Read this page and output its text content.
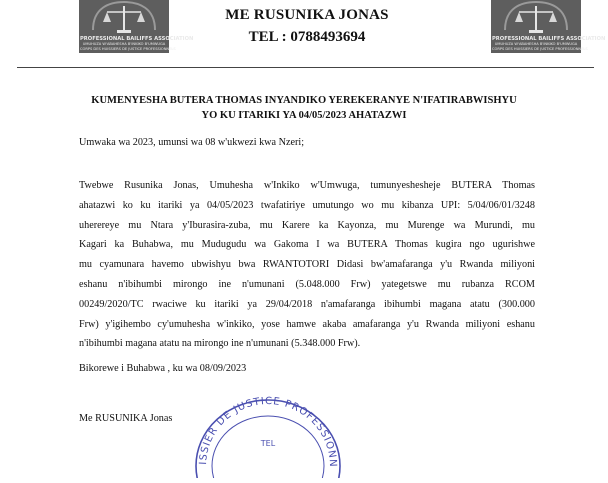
PROFESSIONAL BAILIFFS ASSOCIATION
UMUHUZA W'ABAHESHA B'INKIKO B'UMWUGA
CORPS DES HUISSIERS DE JUSTICE PROFESSIONNELS
ME RUSUNIKA JONAS
TEL : 0788493694	PROFESSIONAL BAILIFFS ASSOCIATION
UMUHUZA W'ABAHESHA B'INKIKO B'UMWUGA
CORPS DES HUISSIERS DE JUSTICE PROFESSIONNELS
KUMENYESHA BUTERA THOMAS INYANDIKO YEREKERANYE N'IFATIRABWISHYU
YO KU ITARIKI YA 04/05/2023 AHATAZWI
Umwaka wa 2023, umunsi wa 08 w'ukwezi kwa Nzeri;
Twebwe Rusunika Jonas, Umuhesha w'Inkiko w'Umwuga, tumunyeshesheje BUTERA Thomas
ahatazwi ko ku itariki ya 04/05/2023 twafatiriye umutungo wo mu kibanza UPI: 5/04/06/01/3248
uherereye mu Ntara y'Iburasira-zuba, mu Karere ka Kayonza, mu Murenge wa Murundi, mu
Kagari ka Buhabwa, mu Mudugudu wa Gakoma I wa BUTERA Thomas kugira ngo ugurishwe
mu cyamunara havemo ubwishyu bwa RWANTOTORI Didasi bw'amafaranga y'u Rwanda miliyoni
eshanu n'ibihumbi mirongo ine n'umunani (5.048.000 Frw) yategetswe mu rubanza RCOM
00249/2020/TC rwaciwe ku itariki ya 29/04/2018 n'amafaranga ibihumbi magana atatu (300.000
Frw) y'igihembo cy'umuhesha w'inkiko, yose hamwe akaba amafaranga y'u Rwanda miliyoni eshanu
n'ibihumbi magana atatu na mirongo ine n'umunani (5.348.000 Frw).
Bikorewe i Buhabwa , ku wa 08/09/2023
Me RUSUNIKA Jonas
ISSIER DE JUSTICE PROFESSIONN
TEL
